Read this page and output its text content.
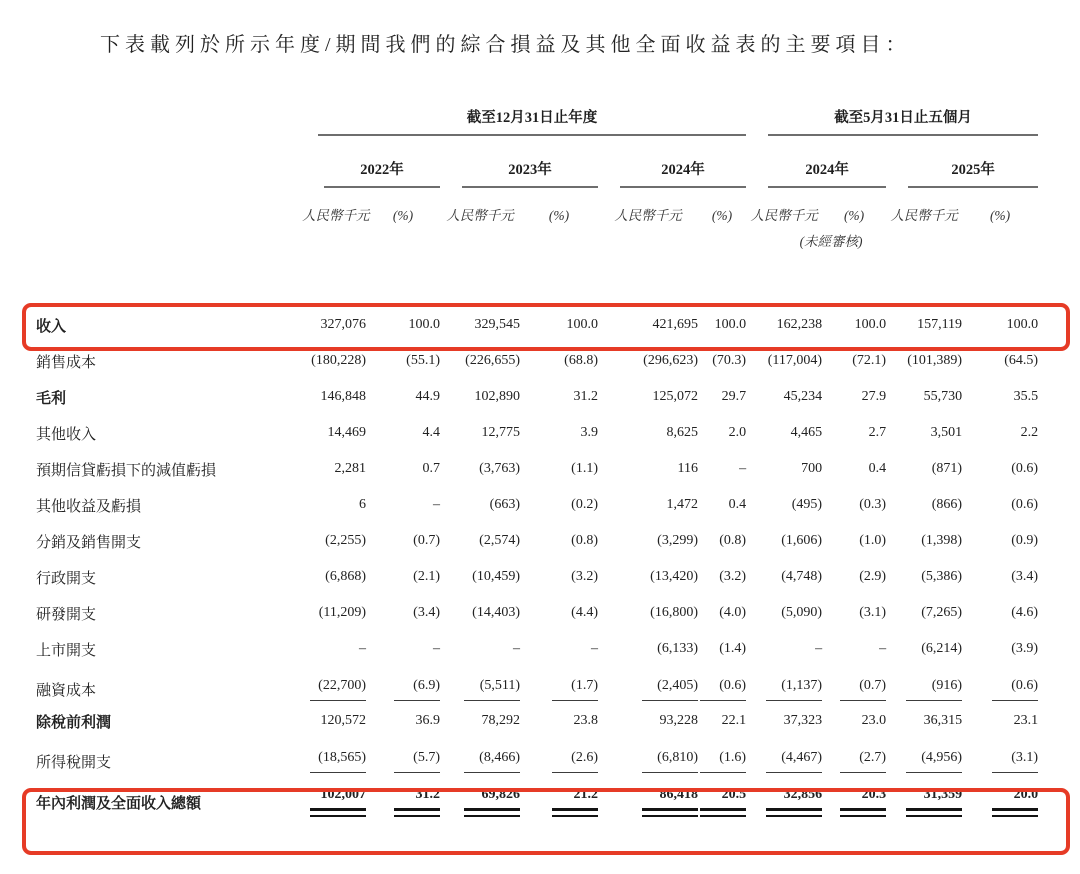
下表載列於所示年度/期間我們的綜合損益及其他全面收益表的主要項目：

	截至12月31日止年度						截至5月31日止五個月			

	2022年		2023年		2024年		2024年		2025年	

	人民幣千元	(%)	人民幣千元	(%)	人民幣千元	(%)	人民幣千元	(%)	人民幣千元	(%)

							(未經審核)			

收入	327,076	100.0	329,545	100.0	421,695	100.0	162,238	100.0	157,119	100.0
銷售成本	(180,228)	(55.1)	(226,655)	(68.8)	(296,623)	(70.3)	(117,004)	(72.1)	(101,389)	(64.5)
毛利	146,848	44.9	102,890	31.2	125,072	29.7	45,234	27.9	55,730	35.5
其他收入	14,469	4.4	12,775	3.9	8,625	2.0	4,465	2.7	3,501	2.2
預期信貸虧損下的減值虧損	2,281	0.7	(3,763)	(1.1)	116	–	700	0.4	(871)	(0.6)
其他收益及虧損	6	–	(663)	(0.2)	1,472	0.4	(495)	(0.3)	(866)	(0.6)
分銷及銷售開支	(2,255)	(0.7)	(2,574)	(0.8)	(3,299)	(0.8)	(1,606)	(1.0)	(1,398)	(0.9)
行政開支	(6,868)	(2.1)	(10,459)	(3.2)	(13,420)	(3.2)	(4,748)	(2.9)	(5,386)	(3.4)
研發開支	(11,209)	(3.4)	(14,403)	(4.4)	(16,800)	(4.0)	(5,090)	(3.1)	(7,265)	(4.6)
上市開支	–	–	–	–	(6,133)	(1.4)	–	–	(6,214)	(3.9)
融資成本	(22,700)	(6.9)	(5,511)	(1.7)	(2,405)	(0.6)	(1,137)	(0.7)	(916)	(0.6)

除稅前利潤	120,572	36.9	78,292	23.8	93,228	22.1	37,323	23.0	36,315	23.1
所得稅開支	(18,565)	(5.7)	(8,466)	(2.6)	(6,810)	(1.6)	(4,467)	(2.7)	(4,956)	(3.1)

年內利潤及全面收入總額	102,007	31.2	69,826	21.2	86,418	20.5	32,856	20.3	31,359	20.0
